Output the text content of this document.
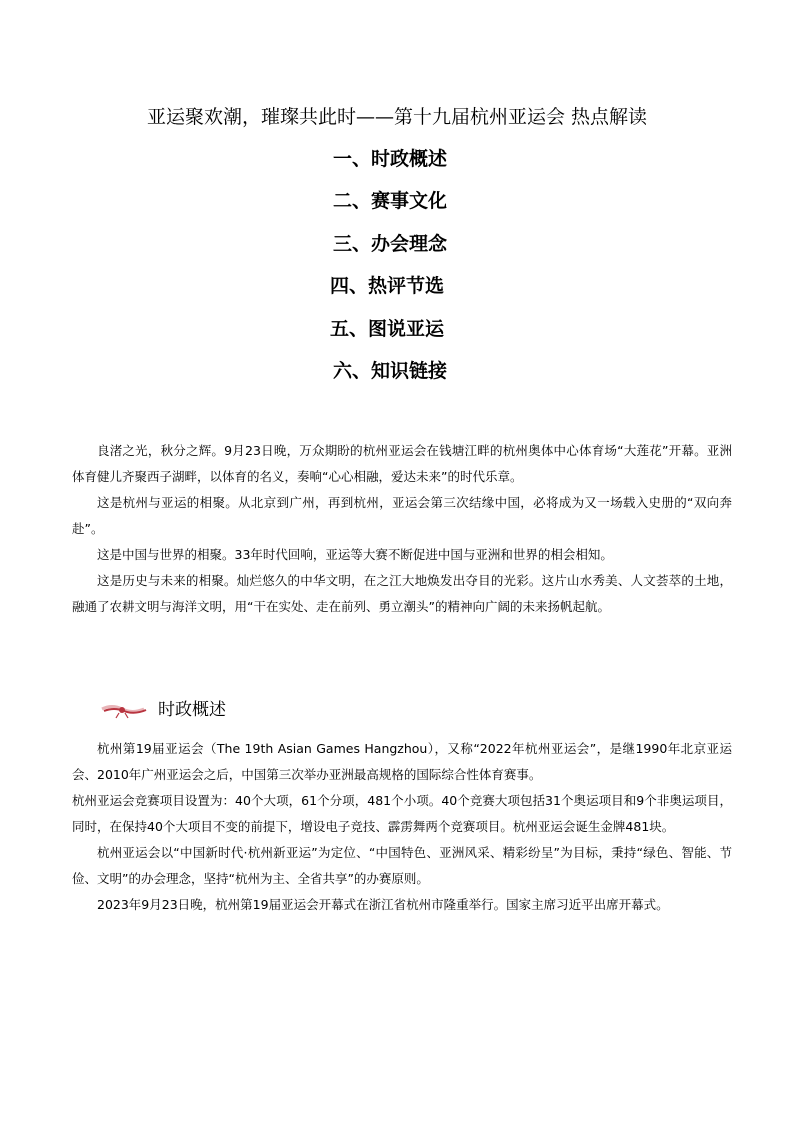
亚运聚欢潮，璀璨共此时——第十九届杭州亚运会 热点解读
一、时政概述
二、赛事文化
三、办会理念
四、热评节选
五、图说亚运
六、知识链接

良渚之光，秋分之辉。9月23日晚，万众期盼的杭州亚运会在钱塘江畔的杭州奥体中心体育场“大莲花”开幕。亚洲体育健儿齐聚西子湖畔，以体育的名义，奏响“心心相融，爱达未来”的时代乐章。

这是杭州与亚运的相聚。从北京到广州，再到杭州，亚运会第三次结缘中国，必将成为又一场载入史册的“双向奔赴”。

这是中国与世界的相聚。33年时代回响，亚运等大赛不断促进中国与亚洲和世界的相会相知。

这是历史与未来的相聚。灿烂悠久的中华文明，在之江大地焕发出夺目的光彩。这片山水秀美、人文荟萃的土地，融通了农耕文明与海洋文明，用“干在实处、走在前列、勇立潮头”的精神向广阔的未来扬帆起航。

时政概述

杭州第19届亚运会（The 19th Asian Games Hangzhou），又称“2022年杭州亚运会”，是继1990年北京亚运会、2010年广州亚运会之后，中国第三次举办亚洲最高规格的国际综合性体育赛事。

杭州亚运会竞赛项目设置为：40个大项，61个分项，481个小项。40个竞赛大项包括31个奥运项目和9个非奥运项目，同时，在保持40个大项目不变的前提下，增设电子竞技、霹雳舞两个竞赛项目。杭州亚运会诞生金牌481块。

杭州亚运会以“中国新时代·杭州新亚运”为定位、“中国特色、亚洲风采、精彩纷呈”为目标，秉持“绿色、智能、节俭、文明”的办会理念，坚持“杭州为主、全省共享”的办赛原则。

2023年9月23日晚，杭州第19届亚运会开幕式在浙江省杭州市隆重举行。国家主席习近平出席开幕式。
